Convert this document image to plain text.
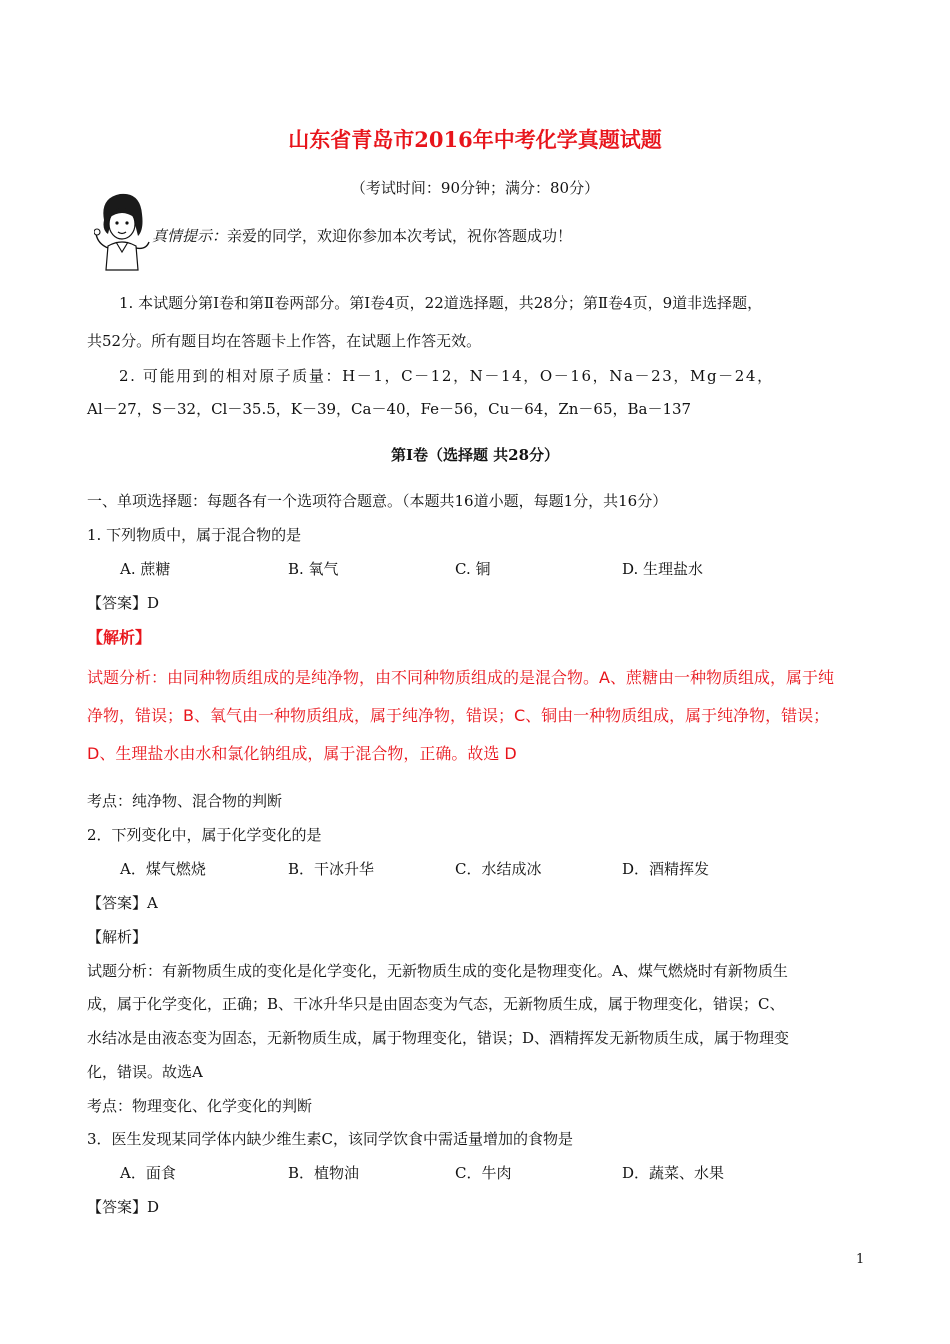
山东省青岛市2016年中考化学真题试题
（考试时间：90分钟；满分：80分）
真情提示：亲爱的同学，欢迎你参加本次考试，祝你答题成功！
1. 本试题分第Ⅰ卷和第Ⅱ卷两部分。第Ⅰ卷4页，22道选择题，共28分；第Ⅱ卷4页，9道非选择题，
共52分。所有题目均在答题卡上作答，在试题上作答无效。
2. 可能用到的相对原子质量：H－1，C－12，N－14，O－16，Na－23，Mg－24，
Al－27，S－32，Cl－35.5，K－39，Ca－40，Fe－56，Cu－64，Zn－65，Ba－137
第Ⅰ卷（选择题 共28分）
一、单项选择题：每题各有一个选项符合题意。（本题共16道小题，每题1分，共16分）
1. 下列物质中，属于混合物的是
A. 蔗糖	B. 氧气	C. 铜	D. 生理盐水
【答案】D
【解析】
试题分析：由同种物质组成的是纯净物，由不同种物质组成的是混合物。A、蔗糖由一种物质组成，属于纯
净物，错误；B、氧气由一种物质组成，属于纯净物，错误；C、铜由一种物质组成，属于纯净物，错误；
D、生理盐水由水和氯化钠组成，属于混合物，正确。故选 D
考点：纯净物、混合物的判断
2．下列变化中，属于化学变化的是
A．煤气燃烧	B．干冰升华	C．水结成冰	D．酒精挥发
【答案】A
【解析】
试题分析：有新物质生成的变化是化学变化，无新物质生成的变化是物理变化。A、煤气燃烧时有新物质生
成，属于化学变化，正确；B、干冰升华只是由固态变为气态，无新物质生成，属于物理变化，错误；C、
水结冰是由液态变为固态，无新物质生成，属于物理变化，错误；D、酒精挥发无新物质生成，属于物理变
化，错误。故选A
考点：物理变化、化学变化的判断
3．医生发现某同学体内缺少维生素C，该同学饮食中需适量增加的食物是
A．面食	B．植物油	C．牛肉	D．蔬菜、水果
【答案】D
1
